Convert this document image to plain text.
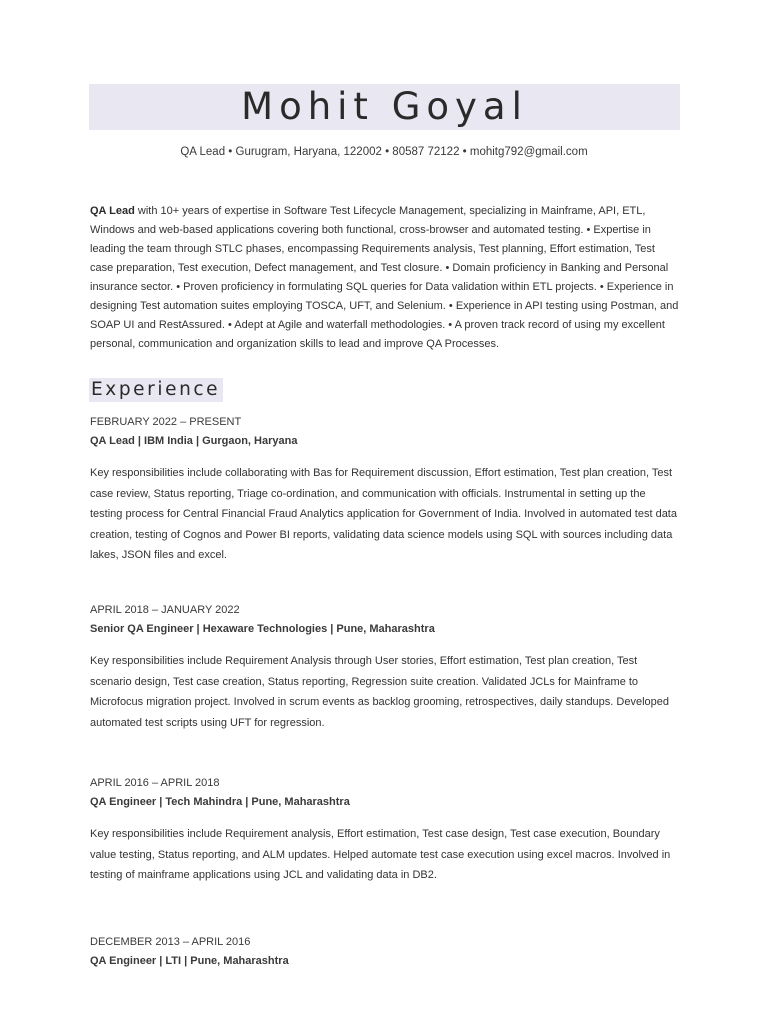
Mohit Goyal
QA Lead • Gurugram, Haryana, 122002 • 80587 72122 • mohitg792@gmail.com
QA Lead with 10+ years of expertise in Software Test Lifecycle Management, specializing in Mainframe, API, ETL, Windows and web-based applications covering both functional, cross-browser and automated testing. • Expertise in leading the team through STLC phases, encompassing Requirements analysis, Test planning, Effort estimation, Test case preparation, Test execution, Defect management, and Test closure. • Domain proficiency in Banking and Personal insurance sector. • Proven proficiency in formulating SQL queries for Data validation within ETL projects. • Experience in designing Test automation suites employing TOSCA, UFT, and Selenium. • Experience in API testing using Postman, and SOAP UI and RestAssured. • Adept at Agile and waterfall methodologies. • A proven track record of using my excellent personal, communication and organization skills to lead and improve QA Processes.
Experience
FEBRUARY 2022 – PRESENT
QA Lead | IBM India | Gurgaon, Haryana
Key responsibilities include collaborating with Bas for Requirement discussion, Effort estimation, Test plan creation, Test case review, Status reporting, Triage co-ordination, and communication with officials. Instrumental in setting up the testing process for Central Financial Fraud Analytics application for Government of India. Involved in automated test data creation, testing of Cognos and Power BI reports, validating data science models using SQL with sources including data lakes, JSON files and excel.
APRIL 2018 – JANUARY 2022
Senior QA Engineer | Hexaware Technologies | Pune, Maharashtra
Key responsibilities include Requirement Analysis through User stories, Effort estimation, Test plan creation, Test scenario design, Test case creation, Status reporting, Regression suite creation. Validated JCLs for Mainframe to Microfocus migration project. Involved in scrum events as backlog grooming, retrospectives, daily standups. Developed automated test scripts using UFT for regression.
APRIL 2016 – APRIL 2018
QA Engineer | Tech Mahindra | Pune, Maharashtra
Key responsibilities include Requirement analysis, Effort estimation, Test case design, Test case execution, Boundary value testing, Status reporting, and ALM updates. Helped automate test case execution using excel macros. Involved in testing of mainframe applications using JCL and validating data in DB2.
DECEMBER 2013 – APRIL 2016
QA Engineer | LTI | Pune, Maharashtra
